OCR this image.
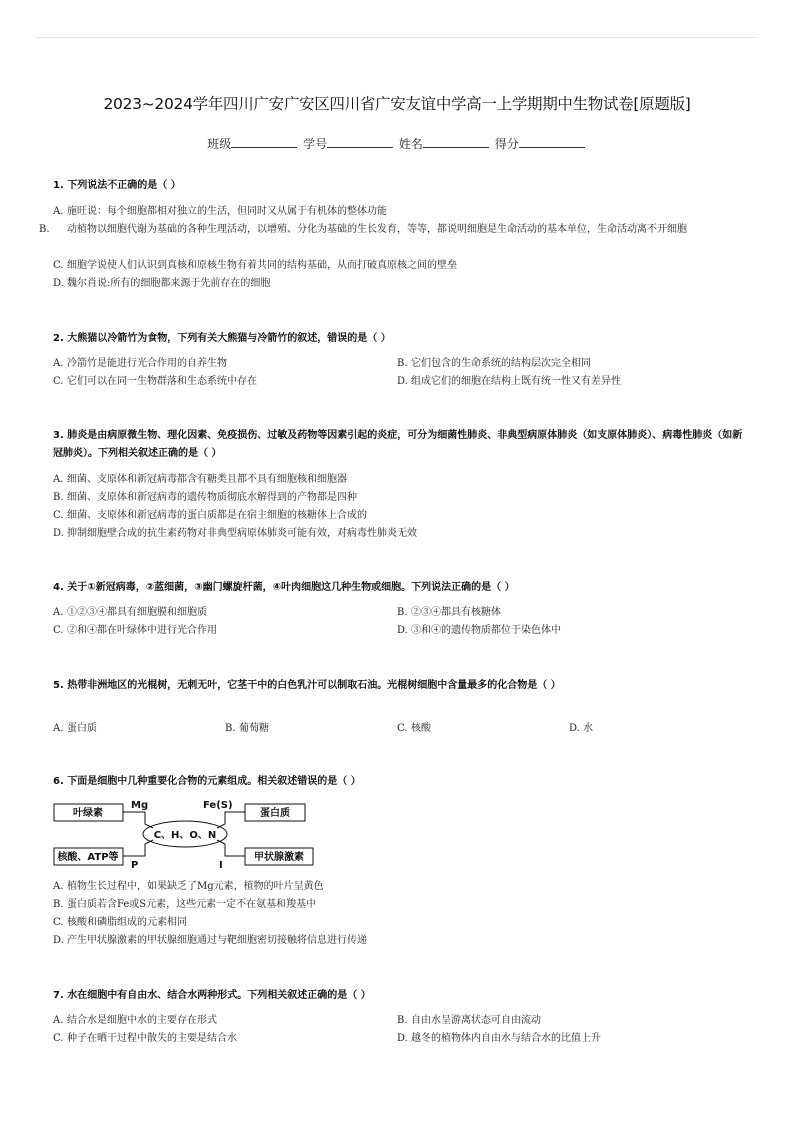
2023~2024学年四川广安广安区四川省广安友谊中学高一上学期期中生物试卷[原题版]
班级	学号	姓名	得分
1. 下列说法不正确的是（ ）
A. 施旺说：每个细胞都相对独立的生活，但同时又从属于有机体的整体功能
B. 动植物以细胞代谢为基础的各种生理活动，以增殖、分化为基础的生长发育，等等，都说明细胞是生命活动的基本单位，生命活动离不开细胞
C. 细胞学说使人们认识到真核和原核生物有着共同的结构基础，从而打破真原核之间的壁垒
D. 魏尔肖说:所有的细胞都来源于先前存在的细胞
2. 大熊猫以冷箭竹为食物，下列有关大熊猫与冷箭竹的叙述，错误的是（ ）
A. 冷箭竹是能进行光合作用的自养生物	B. 它们包含的生命系统的结构层次完全相同
C. 它们可以在同一生物群落和生态系统中存在	D. 组成它们的细胞在结构上既有统一性又有差异性
3. 肺炎是由病原微生物、理化因素、免疫损伤、过敏及药物等因素引起的炎症，可分为细菌性肺炎、非典型病原体肺炎（如支原体肺炎）、病毒性肺炎（如新冠肺炎）。下列相关叙述正确的是（ ）
A. 细菌、支原体和新冠病毒都含有糖类且都不具有细胞核和细胞器
B. 细菌、支原体和新冠病毒的遗传物质彻底水解得到的产物都是四种
C. 细菌、支原体和新冠病毒的蛋白质都是在宿主细胞的核糖体上合成的
D. 抑制细胞壁合成的抗生素药物对非典型病原体肺炎可能有效，对病毒性肺炎无效
4. 关于①新冠病毒，②蓝细菌，③幽门螺旋杆菌，④叶肉细胞这几种生物或细胞。下列说法正确的是（ ）
A. ①②③④都具有细胞膜和细胞质	B. ②③④都具有核糖体
C. ②和④都在叶绿体中进行光合作用	D. ③和④的遗传物质都位于染色体中
5. 热带非洲地区的光棍树，无刺无叶，它茎干中的白色乳汁可以制取石油。光棍树细胞中含量最多的化合物是（ ）
A. 蛋白质	B. 葡萄糖	C. 核酸	D. 水
6. 下面是细胞中几种重要化合物的元素组成。相关叙述错误的是（ ）
叶绿素	蛋白质
核酸、ATP等	甲状腺激素
C、H、O、N
Mg	Fe(S)
P	I
A. 植物生长过程中，如果缺乏了Mg元素，植物的叶片呈黄色
B. 蛋白质若含Fe或S元素，这些元素一定不在氨基和羧基中
C. 核酸和磷脂组成的元素相同
D. 产生甲状腺激素的甲状腺细胞通过与靶细胞密切接触将信息进行传递
7. 水在细胞中有自由水、结合水两种形式。下列相关叙述正确的是（ ）
A. 结合水是细胞中水的主要存在形式	B. 自由水呈游离状态可自由流动
C. 种子在晒干过程中散失的主要是结合水	D. 越冬的植物体内自由水与结合水的比值上升
